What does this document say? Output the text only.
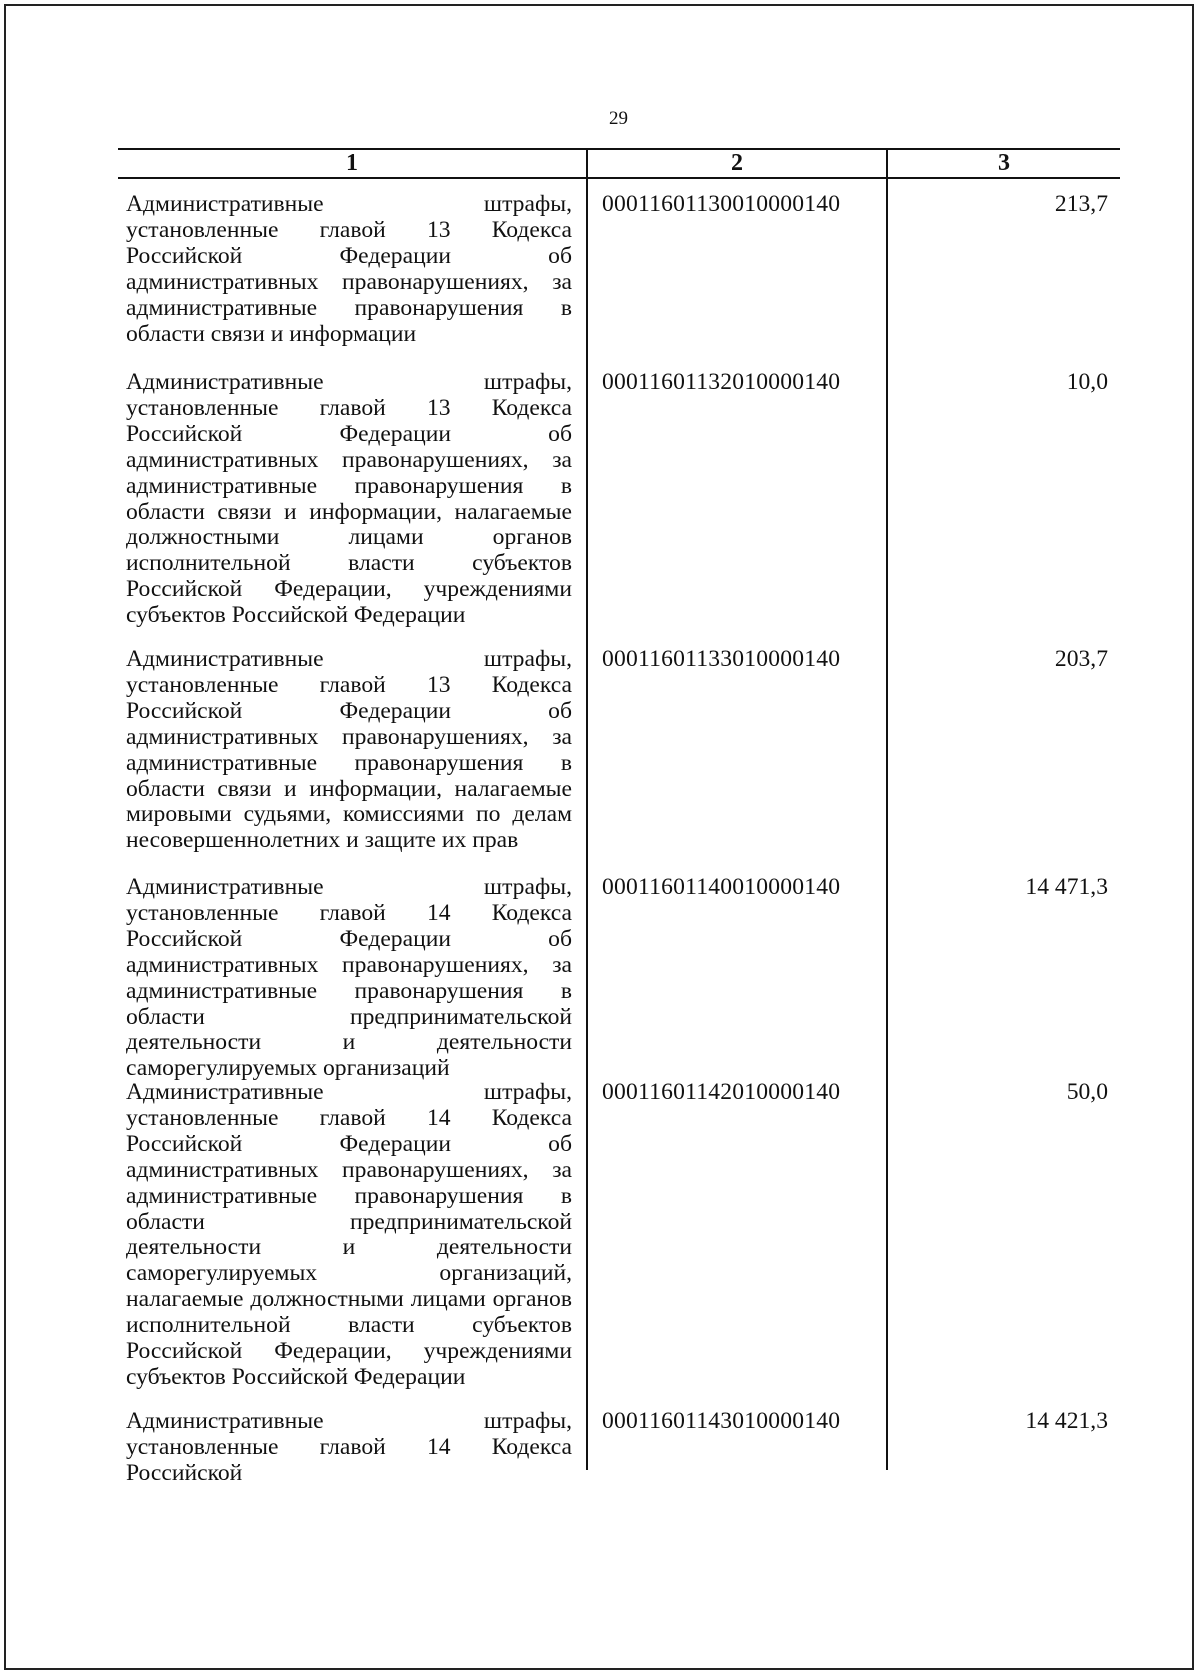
29
1	2	3
Административные штрафы, установленные главой 13 Кодекса Российской Федерации об административных правонарушениях, за административные правонарушения в области связи и информации
00011601130010000140	213,7
Административные штрафы, установленные главой 13 Кодекса Российской Федерации об административных правонарушениях, за административные правонарушения в области связи и информации, налагаемые должностными лицами органов исполнительной власти субъектов Российской Федерации, учреждениями субъектов Российской Федерации
00011601132010000140	10,0
Административные штрафы, установленные главой 13 Кодекса Российской Федерации об административных правонарушениях, за административные правонарушения в области связи и информации, налагаемые мировыми судьями, комиссиями по делам несовершеннолетних и защите их прав
00011601133010000140	203,7
Административные штрафы, установленные главой 14 Кодекса Российской Федерации об административных правонарушениях, за административные правонарушения в области предпринимательской деятельности и деятельности саморегулируемых организаций
00011601140010000140	14 471,3
Административные штрафы, установленные главой 14 Кодекса Российской Федерации об административных правонарушениях, за административные правонарушения в области предпринимательской деятельности и деятельности саморегулируемых организаций, налагаемые должностными лицами органов исполнительной власти субъектов Российской Федерации, учреждениями субъектов Российской Федерации
00011601142010000140	50,0
Административные штрафы, установленные главой 14 Кодекса Российской
00011601143010000140	14 421,3
